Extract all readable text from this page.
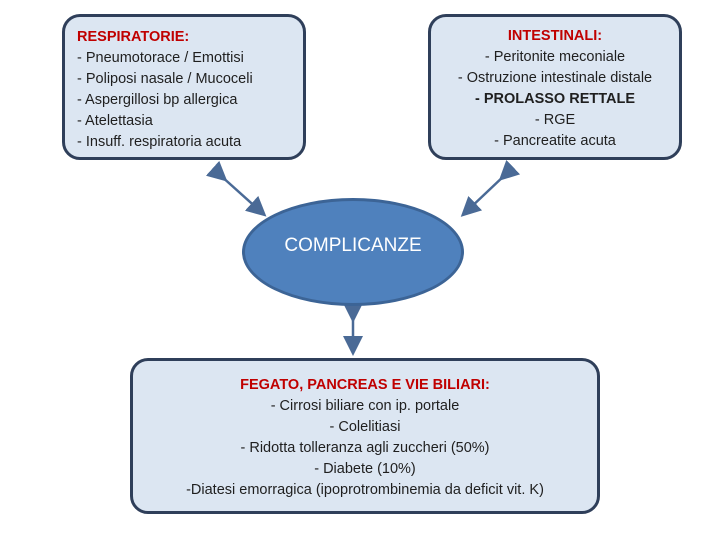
RESPIRATORIE:
- Pneumotorace / Emottisi
- Poliposi nasale / Mucoceli
- Aspergillosi bp allergica
- Atelettasia
- Insuff. respiratoria acuta
INTESTINALI:
- Peritonite meconiale
- Ostruzione intestinale distale
- PROLASSO RETTALE
- RGE
- Pancreatite acuta
COMPLICANZE
FEGATO, PANCREAS E VIE BILIARI:
- Cirrosi biliare con ip. portale
- Colelitiasi
- Ridotta tolleranza agli zuccheri (50%)
- Diabete (10%)
-Diatesi emorragica (ipoprotrombinemia da deficit vit. K)
